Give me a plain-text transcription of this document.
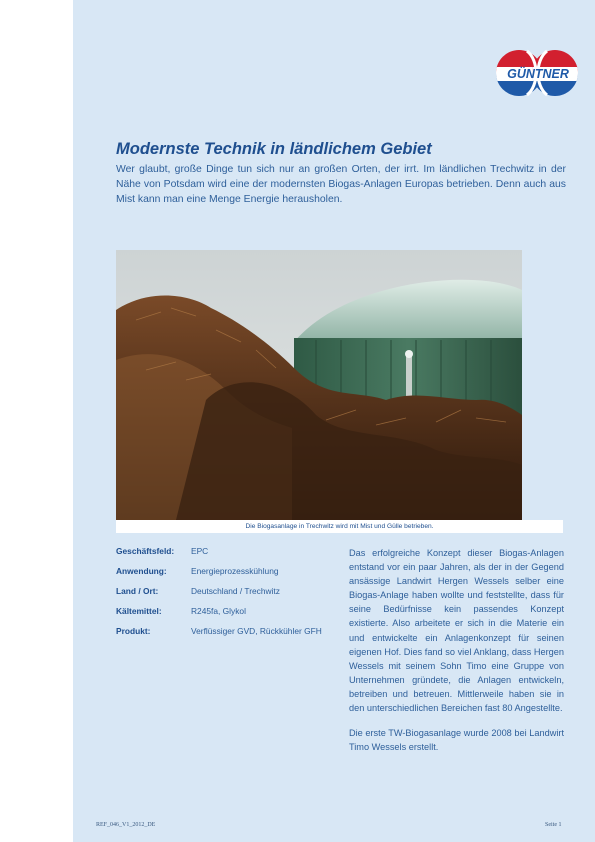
GÜNTNER
Modernste Technik in ländlichem Gebiet

Wer glaubt, große Dinge tun sich nur an großen Orten, der irrt. Im ländlichen Trechwitz in der Nähe von Potsdam wird eine der modernsten Biogas-Anlagen Europas betrieben. Denn auch aus Mist kann man eine Menge Energie herausholen.

Die Biogasanlage in Trechwitz wird mit Mist und Gülle betrieben.
Geschäftsfeld:	EPC
Anwendung:	Energieprozesskühlung
Land / Ort:	Deutschland / Trechwitz
Kältemittel:	R245fa, Glykol
Produkt:	Verflüssiger GVD, Rückkühler GFH

Das erfolgreiche Konzept dieser Biogas-Anlagen entstand vor ein paar Jahren, als der in der Gegend ansässige Landwirt Hergen Wessels selber eine Biogas-Anlage haben wollte und feststellte, dass für seine Bedürfnisse kein passendes Konzept existierte. Also arbeitete er sich in die Materie ein und entwickelte ein Anlagenkonzept für seinen eigenen Hof. Dies fand so viel Anklang, dass Hergen Wessels mit seinem Sohn Timo eine Gruppe von Unternehmen gründete, die Anlagen entwickeln, betreiben und betreuen. Mittlerweile haben sie in den unterschiedlichen Bereichen fast 80 Angestellte.

Die erste TW-Biogasanlage wurde 2008 bei Landwirt Timo Wessels erstellt.

REF_046_V1_2012_DE	Seite 1
